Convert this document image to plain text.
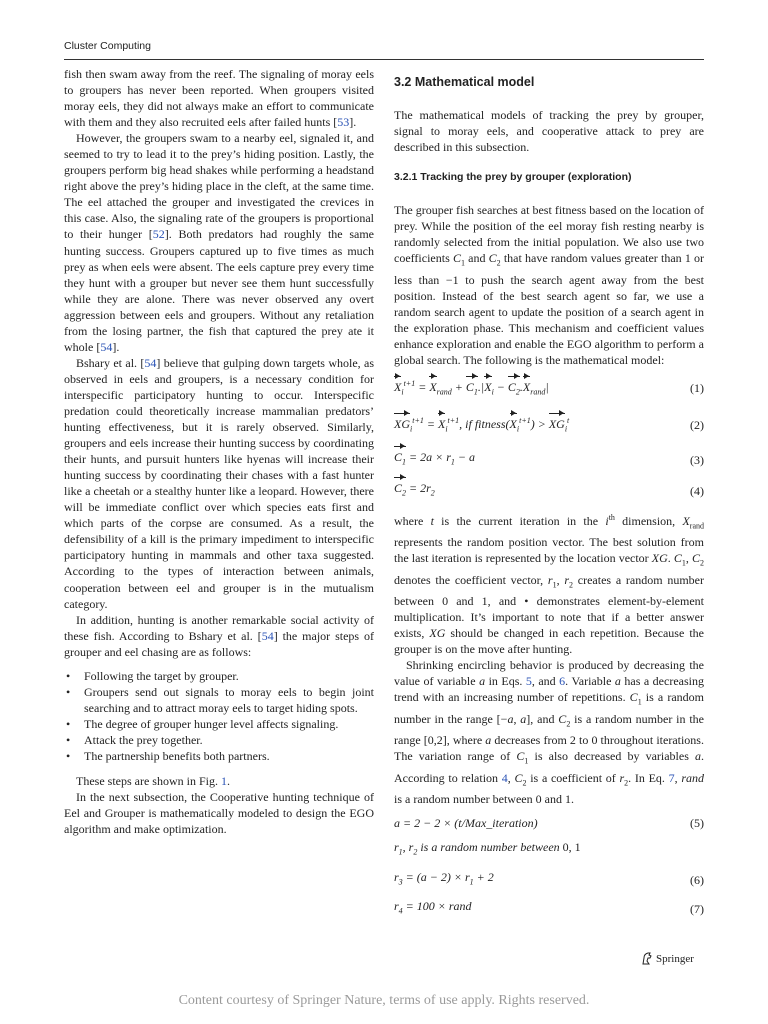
Cluster Computing

fish then swam away from the reef. The signaling of moray eels to groupers has never been reported. When groupers visited moray eels, they did not always make an effort to communicate with them and they also recruited eels after failed hunts [53].

However, the groupers swam to a nearby eel, signaled it, and seemed to try to lead it to the prey’s hiding position. Lastly, the groupers perform big head shakes while performing a headstand right above the prey’s hiding place in the cleft, at the same time. The eel attached the grouper and investigated the crevices in this case. Also, the signaling rate of the groupers is proportional to their hunger [52]. Both predators had roughly the same hunting success. Groupers captured up to five times as much prey as when eels were absent. The eels capture prey every time they hunt with a grouper but never see them hunt successfully while they are alone. There was never observed any overt aggression between eels and groupers. Without any retaliation from the losing partner, the fish that captured the prey ate it whole [54].

Bshary et al. [54] believe that gulping down targets whole, as observed in eels and groupers, is a necessary condition for interspecific participatory hunting to occur. Interspecific predation could theoretically increase mammalian predators’ hunting effectiveness, but it is rarely observed. Similarly, groupers and eels increase their hunting success by coordinating their hunts, and pursuit hunters like hyenas will increase their hunting success by coordinating their chases with a fast hunter like a cheetah or a stealthy hunter like a leopard. However, there will be immediate conflict over which species eats first and which parts of the corpse are consumed. As a result, the defensibility of a kill is the primary impediment to interspecific participatory hunting in mammals and other taxa suggested. According to the types of interaction between animals, cooperation between eel and grouper is in the mutualism category.

In addition, hunting is another remarkable social activity of these fish. According to Bshary et al. [54] the major steps of grouper and eel chasing are as follows:

• Following the target by grouper.
• Groupers send out signals to moray eels to begin joint searching and to attract moray eels to target hiding spots.
• The degree of grouper hunger level affects signaling.
• Attack the prey together.
• The partnership benefits both partners.

These steps are shown in Fig. 1.

In the next subsection, the Cooperative hunting technique of Eel and Grouper is mathematically modeled to design the EGO algorithm and make optimization.

3.2 Mathematical model

The mathematical models of tracking the prey by grouper, signal to moray eels, and cooperative attack to prey are described in this subsection.

3.2.1 Tracking the prey by grouper (exploration)

The grouper fish searches at best fitness based on the location of prey. While the position of the eel moray fish resting nearby is randomly selected from the initial population. We also use two coefficients $C_1$ and $C_2$ that have random values greater than 1 or less than −1 to push the search agent away from the best position. Instead of the best search agent so far, we use a random search agent to update the position of a search agent in the exploration phase. This mechanism and coefficient values enhance exploration and enable the EGO algorithm to perform a global search. The following is the mathematical model:

$X_i^{t+1} = X_{rand} + C_1.|X_i - C_2.X_{rand}|$	(1)
$XG_i^{t+1} = X_i^{t+1}$, if $fitness(X_i^{t+1}) > XG_i^t$	(2)
$C_1 = 2a \times r_1 - a$	(3)
$C_2 = 2r_2$	(4)

where t is the current iteration in the $i^{th}$ dimension, $X_{rand}$ represents the random position vector. The best solution from the last iteration is represented by the location vector XG. $C_1$, $C_2$ denotes the coefficient vector, $r_1$, $r_2$ creates a random number between 0 and 1, and • demonstrates element-by-element multiplication. It’s important to note that if a better answer exists, XG should be changed in each repetition. Because the grouper is on the move after hunting.

Shrinking encircling behavior is produced by decreasing the value of variable a in Eqs. 5, and 6. Variable a has a decreasing trend with an increasing number of repetitions. $C_1$ is a random number in the range [−a, a], and $C_2$ is a random number in the range [0,2], where a decreases from 2 to 0 throughout iterations. The variation range of $C_1$ is also decreased by variables a. According to relation 4, $C_2$ is a coefficient of $r_2$. In Eq. 7, rand is a random number between 0 and 1.

a = 2 − 2 × (t/Max_iteration)	(5)
$r_1$, $r_2$ is a random number between 0, 1
$r_3 = (a - 2) \times r_1 + 2$	(6)
$r_4 = 100$ × rand	(7)
Springer
Content courtesy of Springer Nature, terms of use apply. Rights reserved.
